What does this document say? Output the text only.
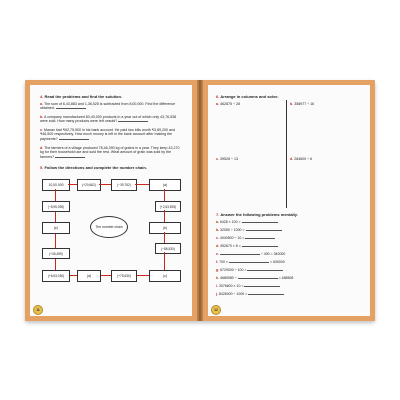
4. Read the problems and find the solution.
a. The sum of 6,43,883 and 1,36,525 is subtracted from 8,00,000. Find the difference obtained.
b. A company manufactured 83,40,000 products in a year out of which only 43,76,538 were sold. How many products were left unsold?
c. Manav had ₹62,75,500 in his bank account. He paid two bills worth ₹3,89,200 and ₹46,500 respectively. How much money is left in the bank account after making the payments?
d. The farmers of a village produced 78,46,390 kg of grains in a year. They keep 43,270 kg for their household use and sold the rest. What amount of grain was sold by the farmers?
5. Follow the directions and complete the number chain.
10,00,000	(+20,662)	(−39,762)	(a)
(+2,63,893)
(b)
(−86,530)
(c)
(+75,630)
(d)
(+6,63,030)
(+36,459)
(e)
(−8,95,390)
The number chain
11
6. Arrange in columns and solve.
a. 462875 ÷ 28	b. 358977 ÷ 16
c. 39528 ÷ 13	d. 284600 ÷ 6
7. Answer the following problems mentally.
a. 6428 × 100 =
b. 32050 ÷ 1000 =
c. 4040500 ÷ 10 =
d. 452670 × 8 =
e.	÷ 400 = 340000
f. 700 ×	= 630000
g. 6729000 ÷ 100 =
h. 4685080 ÷	= 468508
i. 3376600 × 10 =
j. 8426000 ÷ 1000 =
12
